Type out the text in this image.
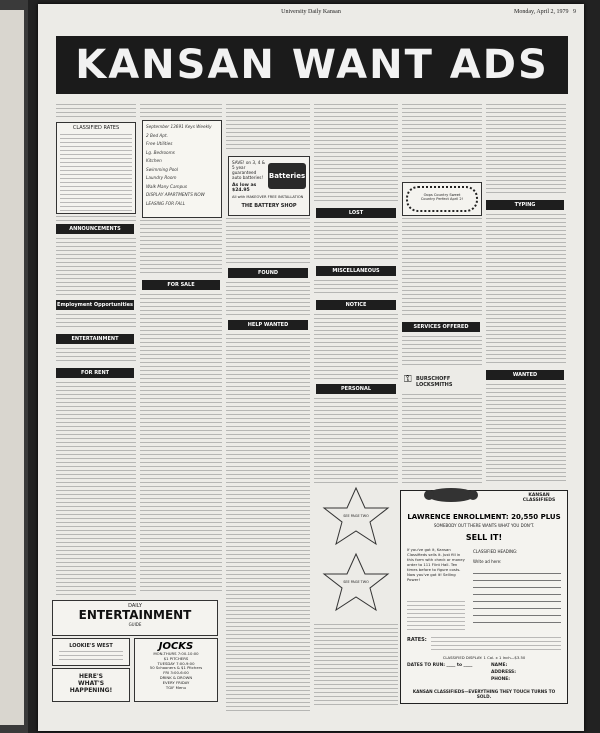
University Daily Kansan	Monday, April 2, 1979 9
KANSAN WANT ADS
CLASSIFIED RATES
ANNOUNCEMENTS
Employment Opportunities
ENTERTAINMENT
FOR RENT
September 13691 Keys Weekly
2 Bed Apt.
Free Utilities
Lg. Bedrooms
Kitchen
Swimming Pool
Laundry Room
Walk Many Campus
DISPLAY APARTMENTS NOW LEASING FOR FALL
FOR SALE
SAVE! on 3, 4 & 5 year guaranteed auto batteries!
As low as $24.95
Batteries
All with MAKEOVER FREE INSTALLATION
THE BATTERY SHOP
FOUND
HELP WANTED
LOST
MISCELLANEOUS
NOTICE
PERSONAL
SEE PAGE TWO
SEE PAGE TWO
Oops Country Sweet Country Perfect April 2!
SERVICES OFFERED
⚿ BURSCHOFF LOCKSMITHS
TYPING
WANTED
DAILY
ENTERTAINMENT
GUIDE
LOOKIE'S WEST
HERE'S WHAT'S HAPPENING!
JOCKS
MON-THURS 7:00-10:00
$1 PITCHERS
TUESDAY 7:00-9:00
50 Schooners & $1 Pitchers
FRI 3:00-6:00
DRINK & DROWN
EVERY FRIDAY
TGIF Menu
KANSAN CLASSIFIEDS
LAWRENCE ENROLLMENT: 20,550 PLUS
SOMEBODY OUT THERE WANTS WHAT YOU DON'T.
SELL IT!
If you've got it, Kansan Classifieds sells it. Just fill in this form with check or money order to 111 Flint Hall. Ten times before to figure costs. Now you've got it! Selling Power!
CLASSIFIED HEADING:
Write ad here:
RATES:
CLASSIFIED DISPLAY: 1 Col. x 1 Inch—$3.50
DATES TO RUN: ____ to ____	NAME:
ADDRESS:
PHONE:
KANSAN CLASSIFIEDS—EVERYTHING THEY TOUCH TURNS TO SOLD.
